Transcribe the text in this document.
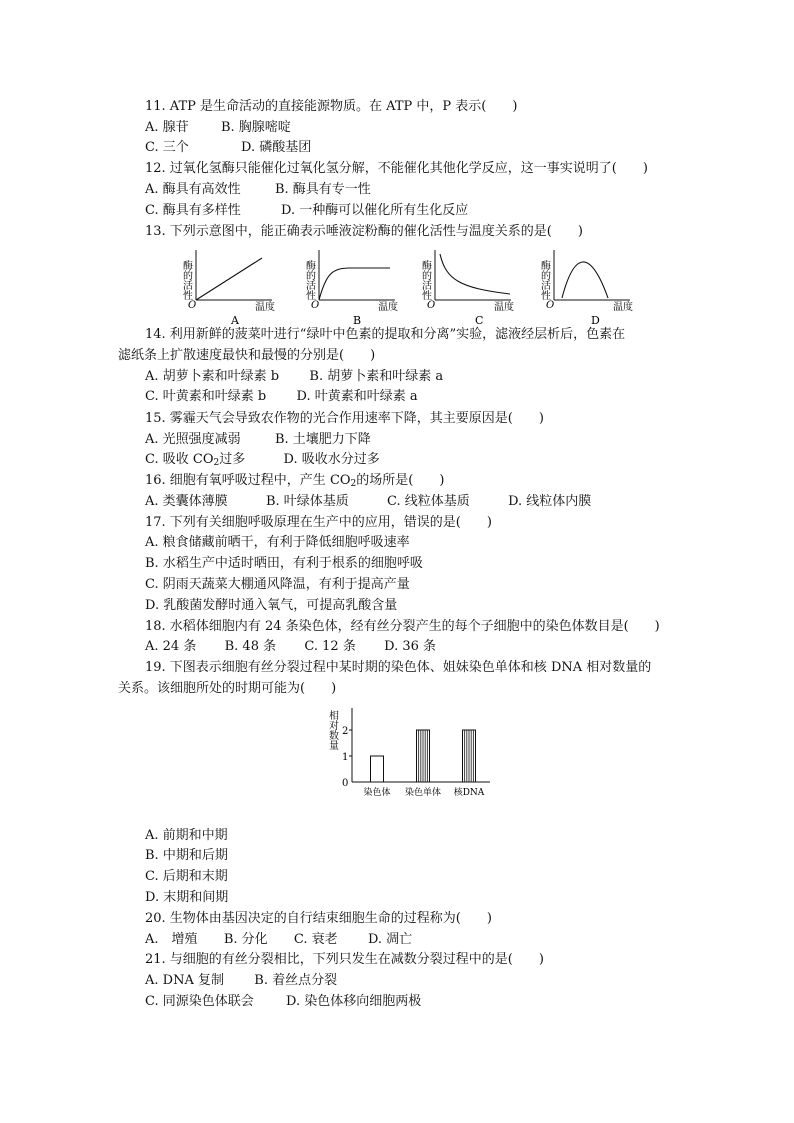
11. ATP 是生命活动的直接能源物质。在 ATP 中，P 表示(　　)
A. 腺苷 B. 胸腺嘧啶
C. 三个	D. 磷酸基团
12. 过氧化氢酶只能催化过氧化氢分解，不能催化其他化学反应，这一事实说明了(　　)
A. 酶具有高效性	B. 酶具有专一性
C. 酶具有多样性	D. 一种酶可以催化所有生化反应
13. 下列示意图中，能正确表示唾液淀粉酶的催化活性与温度关系的是(　　)
酶的活性
O	温度
A
酶的活性
O	温度
B
酶的活性
O	温度
C
酶的活性
O	温度
D
14. 利用新鲜的菠菜叶进行“绿叶中色素的提取和分离”实验，滤液经层析后，色素在
滤纸条上扩散速度最快和最慢的分别是(　　)
A. 胡萝卜素和叶绿素 b B. 胡萝卜素和叶绿素 a
C. 叶黄素和叶绿素 b D. 叶黄素和叶绿素 a
15. 雾霾天气会导致农作物的光合作用速率下降，其主要原因是(　　)
A. 光照强度减弱	B. 土壤肥力下降
C. 吸收 $CO_2$过多	D. 吸收水分过多
16. 细胞有氧呼吸过程中，产生 $CO_2$的场所是(　　)
A. 类囊体薄膜	B. 叶绿体基质	C. 线粒体基质	D. 线粒体内膜
17. 下列有关细胞呼吸原理在生产中的应用，错误的是(　　)
A. 粮食储藏前晒干，有利于降低细胞呼吸速率
B. 水稻生产中适时晒田，有利于根系的细胞呼吸
C. 阴雨天蔬菜大棚通风降温，有利于提高产量
D. 乳酸菌发酵时通入氧气，可提高乳酸含量
18. 水稻体细胞内有 24 条染色体，经有丝分裂产生的每个子细胞中的染色体数目是(　　)
A. 24 条 B. 48 条 C. 12 条 D. 36 条
19. 下图表示细胞有丝分裂过程中某时期的染色体、姐妹染色单体和核 DNA 相对数量的
关系。该细胞所处的时期可能为(　　)
相对数量
0
1
2
染色体 染色单体 核DNA
A. 前期和中期
B. 中期和后期
C. 后期和末期
D. 末期和间期
20. 生物体由基因决定的自行结束细胞生命的过程称为(　　)
A.　增殖 B. 分化 C. 衰老 D. 凋亡
21. 与细胞的有丝分裂相比，下列只发生在减数分裂过程中的是(　　)
A. DNA 复制 B. 着丝点分裂
C. 同源染色体联会 D. 染色体移向细胞两极
